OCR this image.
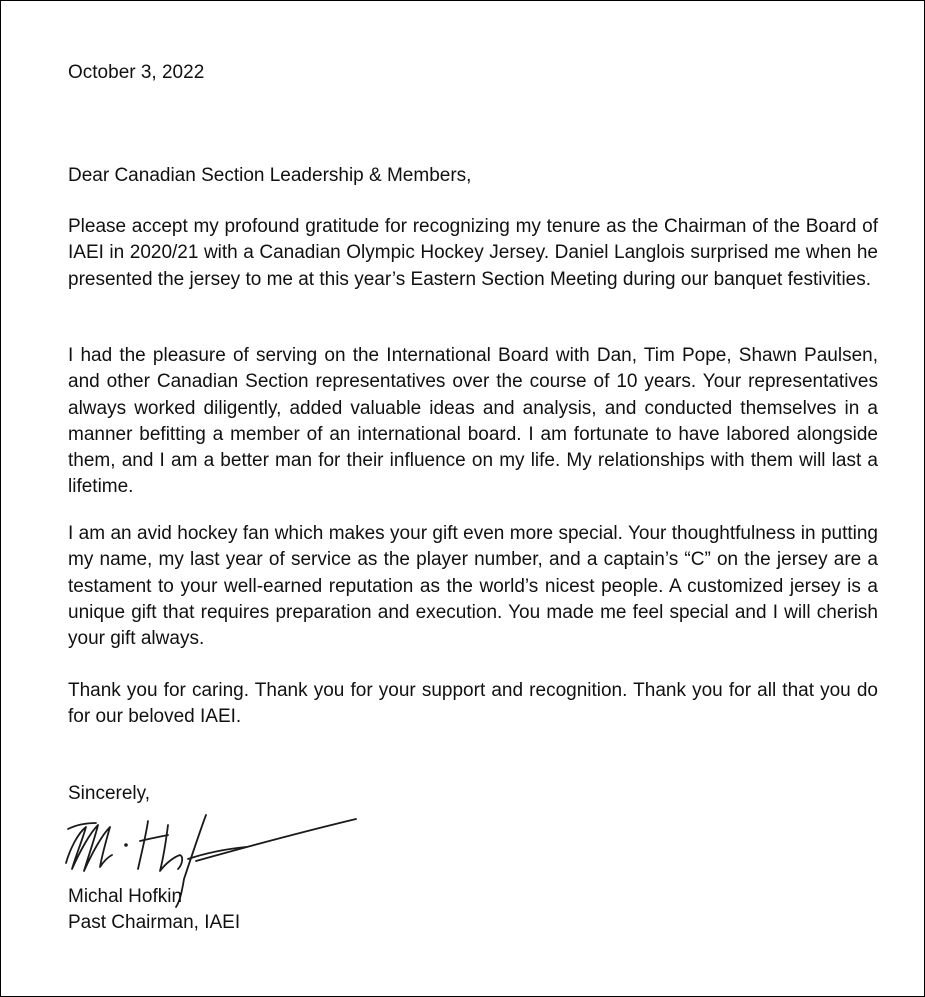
October 3, 2022
Dear Canadian Section Leadership & Members,

Please accept my profound gratitude for recognizing my tenure as the Chairman of the Board of IAEI in 2020/21 with a Canadian Olympic Hockey Jersey. Daniel Langlois surprised me when he presented the jersey to me at this year’s Eastern Section Meeting during our banquet festivities.

I had the pleasure of serving on the International Board with Dan, Tim Pope, Shawn Paulsen, and other Canadian Section representatives over the course of 10 years. Your representatives always worked diligently, added valuable ideas and analysis, and conducted themselves in a manner befitting a member of an international board. I am fortunate to have labored alongside them, and I am a better man for their influence on my life. My relationships with them will last a lifetime.

I am an avid hockey fan which makes your gift even more special. Your thoughtfulness in putting my name, my last year of service as the player number, and a captain’s “C” on the jersey are a testament to your well-earned reputation as the world’s nicest people. A customized jersey is a unique gift that requires preparation and execution. You made me feel special and I will cherish your gift always.

Thank you for caring. Thank you for your support and recognition. Thank you for all that you do for our beloved IAEI.

Sincerely,
Michal Hofkin
Past Chairman, IAEI
